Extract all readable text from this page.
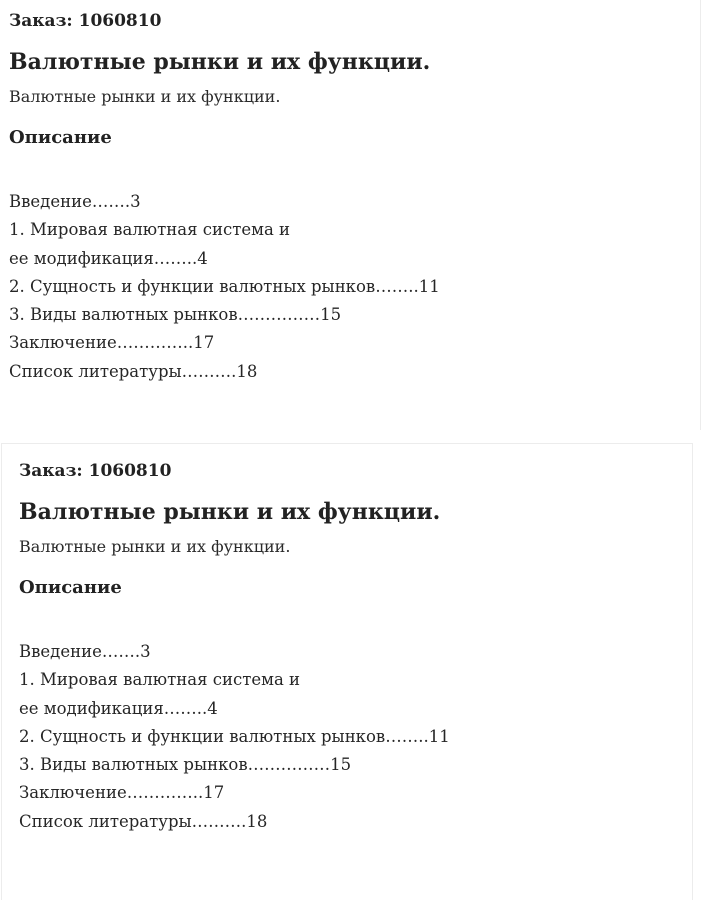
Заказ: 1060810

Валютные рынки и их функции.

Валютные рынки и их функции.

Описание
Введение…….3
1. Мировая валютная система и
ее модификация……..4
2. Сущность и функции валютных рынков……..11
3. Виды валютных рынков……………15
Заключение…………..17
Список литературы……….18

Заказ: 1060810

Валютные рынки и их функции.

Валютные рынки и их функции.

Описание
Введение…….3
1. Мировая валютная система и
ее модификация……..4
2. Сущность и функции валютных рынков……..11
3. Виды валютных рынков……………15
Заключение…………..17
Список литературы……….18
